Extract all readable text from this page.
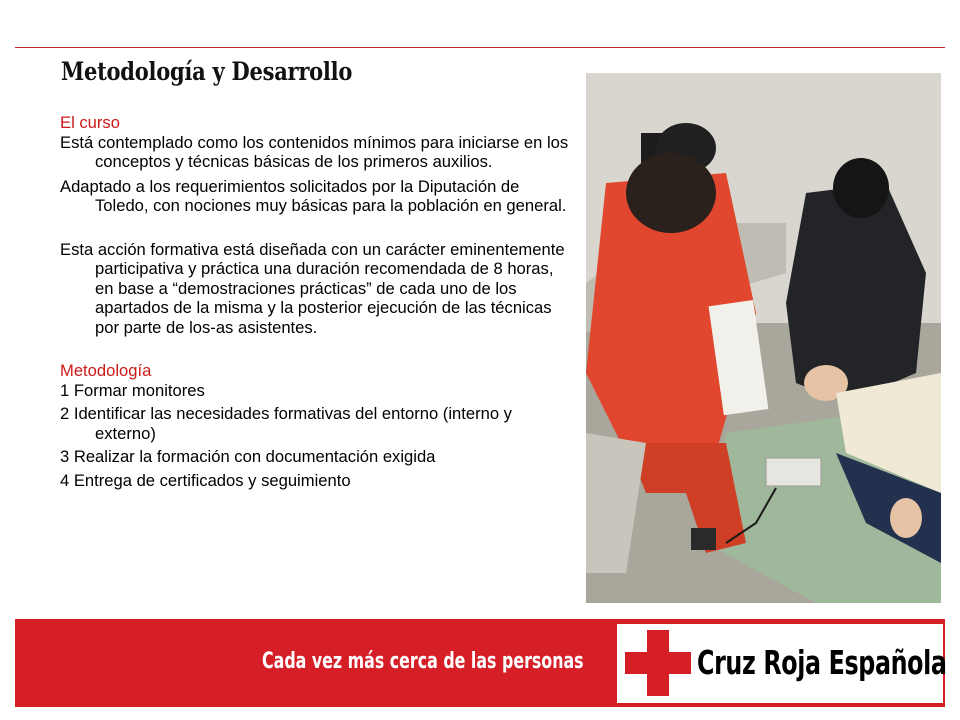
Metodología y Desarrollo
El curso
Está contemplado como los contenidos mínimos para iniciarse en los conceptos y técnicas básicas de los primeros auxilios.
Adaptado a los requerimientos solicitados por la Diputación de Toledo, con nociones muy básicas para la población en general.
Esta acción formativa está diseñada con un carácter eminentemente participativa y práctica una duración recomendada de 8 horas, en base a “demostraciones prácticas” de cada uno de los apartados de la misma y la posterior ejecución de las técnicas por parte de los-as asistentes.
Metodología
1 Formar monitores
2 Identificar las necesidades formativas del entorno (interno y externo)
3 Realizar la formación con documentación exigida
4 Entrega de certificados y seguimiento
Cada vez más cerca de las personas	Cruz Roja Española
